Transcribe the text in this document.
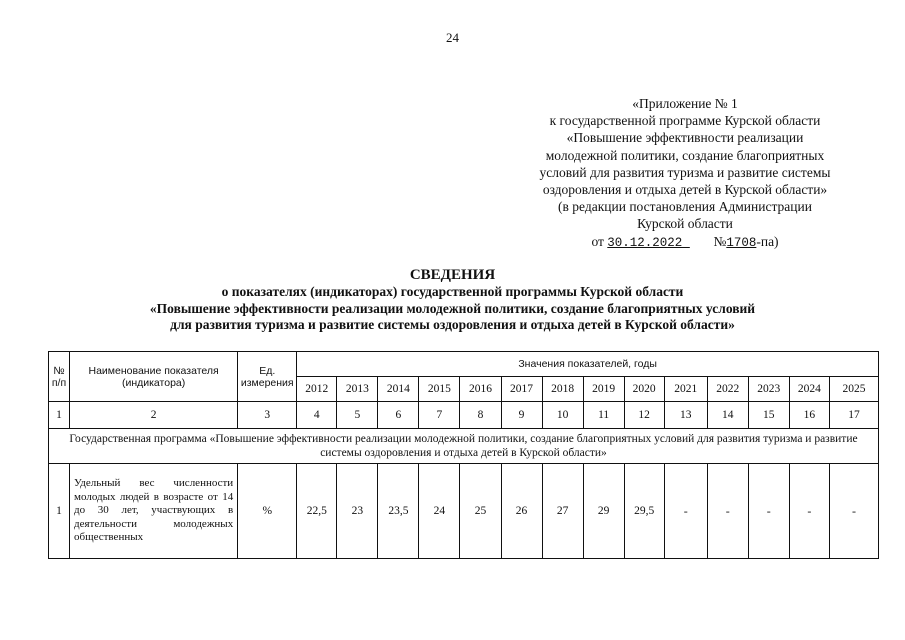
24
«Приложение № 1
к государственной программе Курской области
«Повышение эффективности реализации
молодежной политики, создание благоприятных
условий для развития туризма и развитие системы
оздоровления и отдыха детей в Курской области»
(в редакции постановления Администрации
Курской области
от 30.12.2022        №1708-па)
СВЕДЕНИЯ
о показателях (индикаторах) государственной программы Курской области
«Повышение эффективности реализации молодежной политики, создание благоприятных условий
для развития туризма и развитие системы оздоровления и отдыха детей в Курской области»
№ п/п	Наименование показателя (индикатора)	Ед. измерения	Значения показателей, годы													
			2012	2013	2014	2015	2016	2017	2018	2019	2020	2021	2022	2023	2024	2025
1	2	3	4	5	6	7	8	9	10	11	12	13	14	15	16	17
Государственная программа «Повышение эффективности реализации молодежной политики, создание благоприятных условий для развития туризма и развитие системы оздоровления и отдыха детей в Курской области»																
1	Удельный вес численности молодых людей в возрасте от 14 до 30 лет, участвующих в деятельности молодежных общественных	%	22,5	23	23,5	24	25	26	27	29	29,5	-	-	-	-	-
